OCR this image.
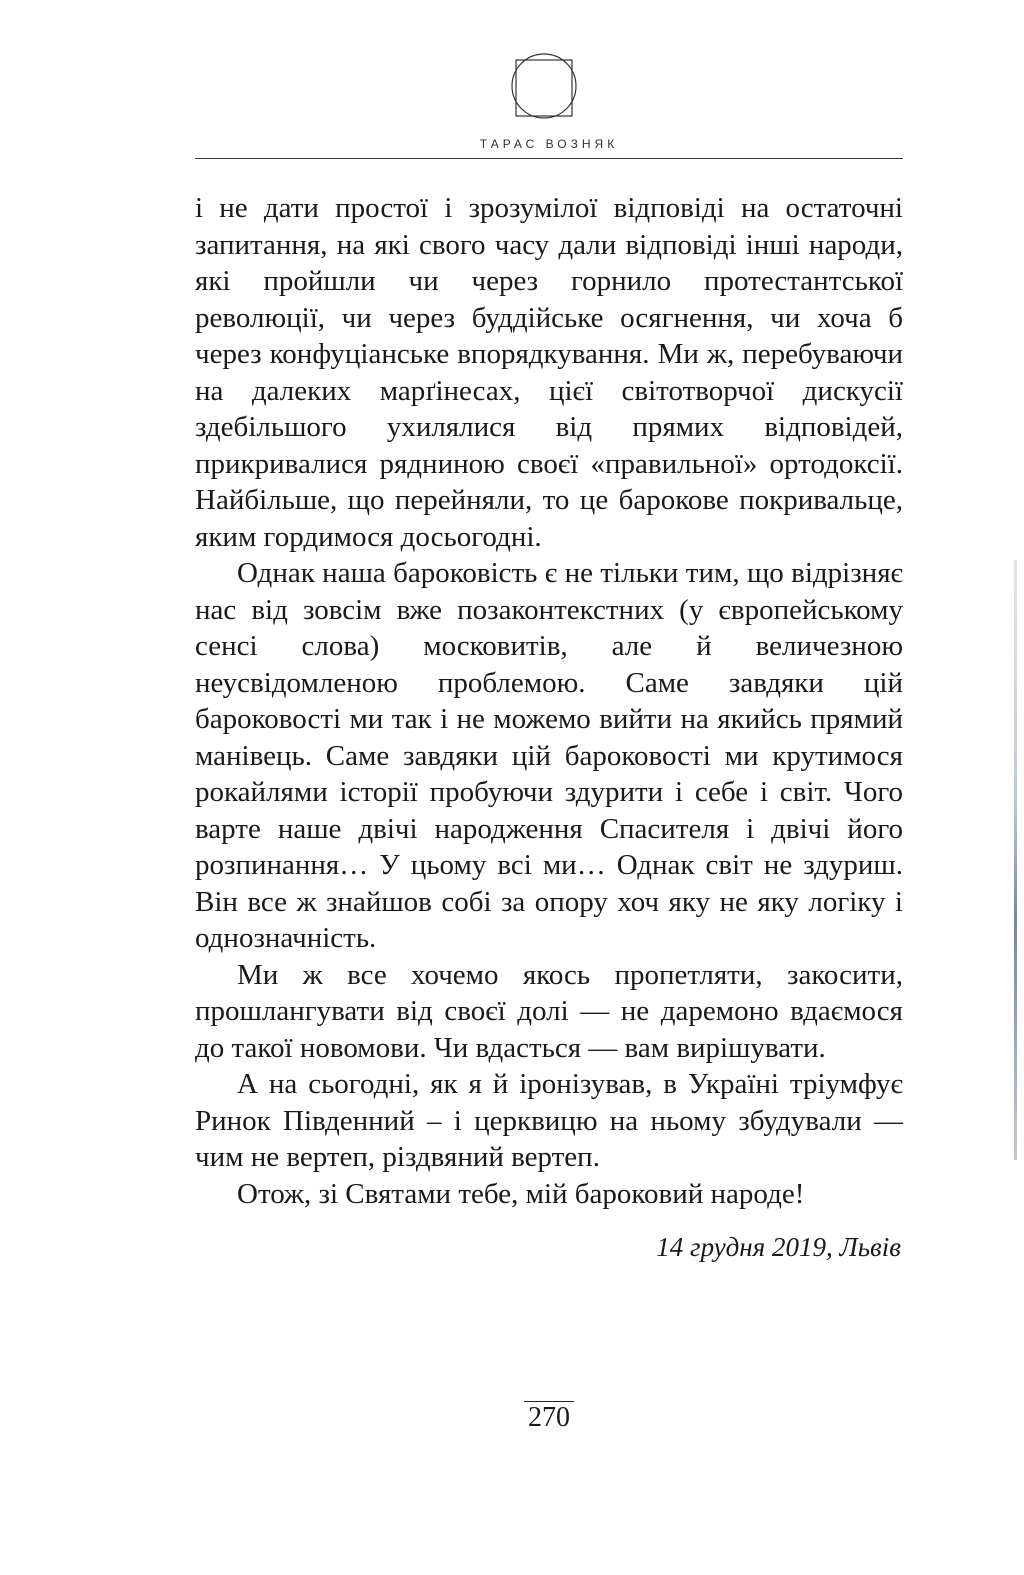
ТАРАС ВОЗНЯК

і не дати простої і зрозумілої відповіді на остаточні запитання, на які свого часу дали відповіді інші народи, які пройшли чи через горнило протестантської революції, чи через буддійське осягнення, чи хоча б через конфуціанське впорядкування. Ми ж, перебуваючи на далеких марґінесах, цієї світотворчої дискусії здебільшого ухилялися від прямих відповідей, прикривалися рядниною своєї «правильної» ортодоксії. Найбільше, що перейняли, то це барокове покривальце, яким гордимося досьогодні.

Однак наша бароковість є не тільки тим, що відрізняє нас від зовсім вже позаконтекстних (у європейському сенсі слова) московитів, але й величезною неусвідомленою проблемою. Саме завдяки цій бароковості ми так і не можемо вийти на якийсь прямий манівець. Саме завдяки цій бароковості ми крутимося рокайлями історії пробуючи здурити і себе і світ. Чого варте наше двічі народження Спасителя і двічі його розпинання… У цьому всі ми… Однак світ не здуриш. Він все ж знайшов собі за опору хоч яку не яку логіку і однозначність.

Ми ж все хочемо якось пропетляти, закосити, прошлангувати від своєї долі — не даремоно вдаємося до такої новомови. Чи вдасться — вам вирішувати.

А на сьогодні, як я й іронізував, в Україні тріумфує Ринок Південний – і церквицю на ньому збудували — чим не вертеп, різдвяний вертеп.

Отож, зі Святами тебе, мій бароковий народе!

14 грудня 2019, Львів
270
